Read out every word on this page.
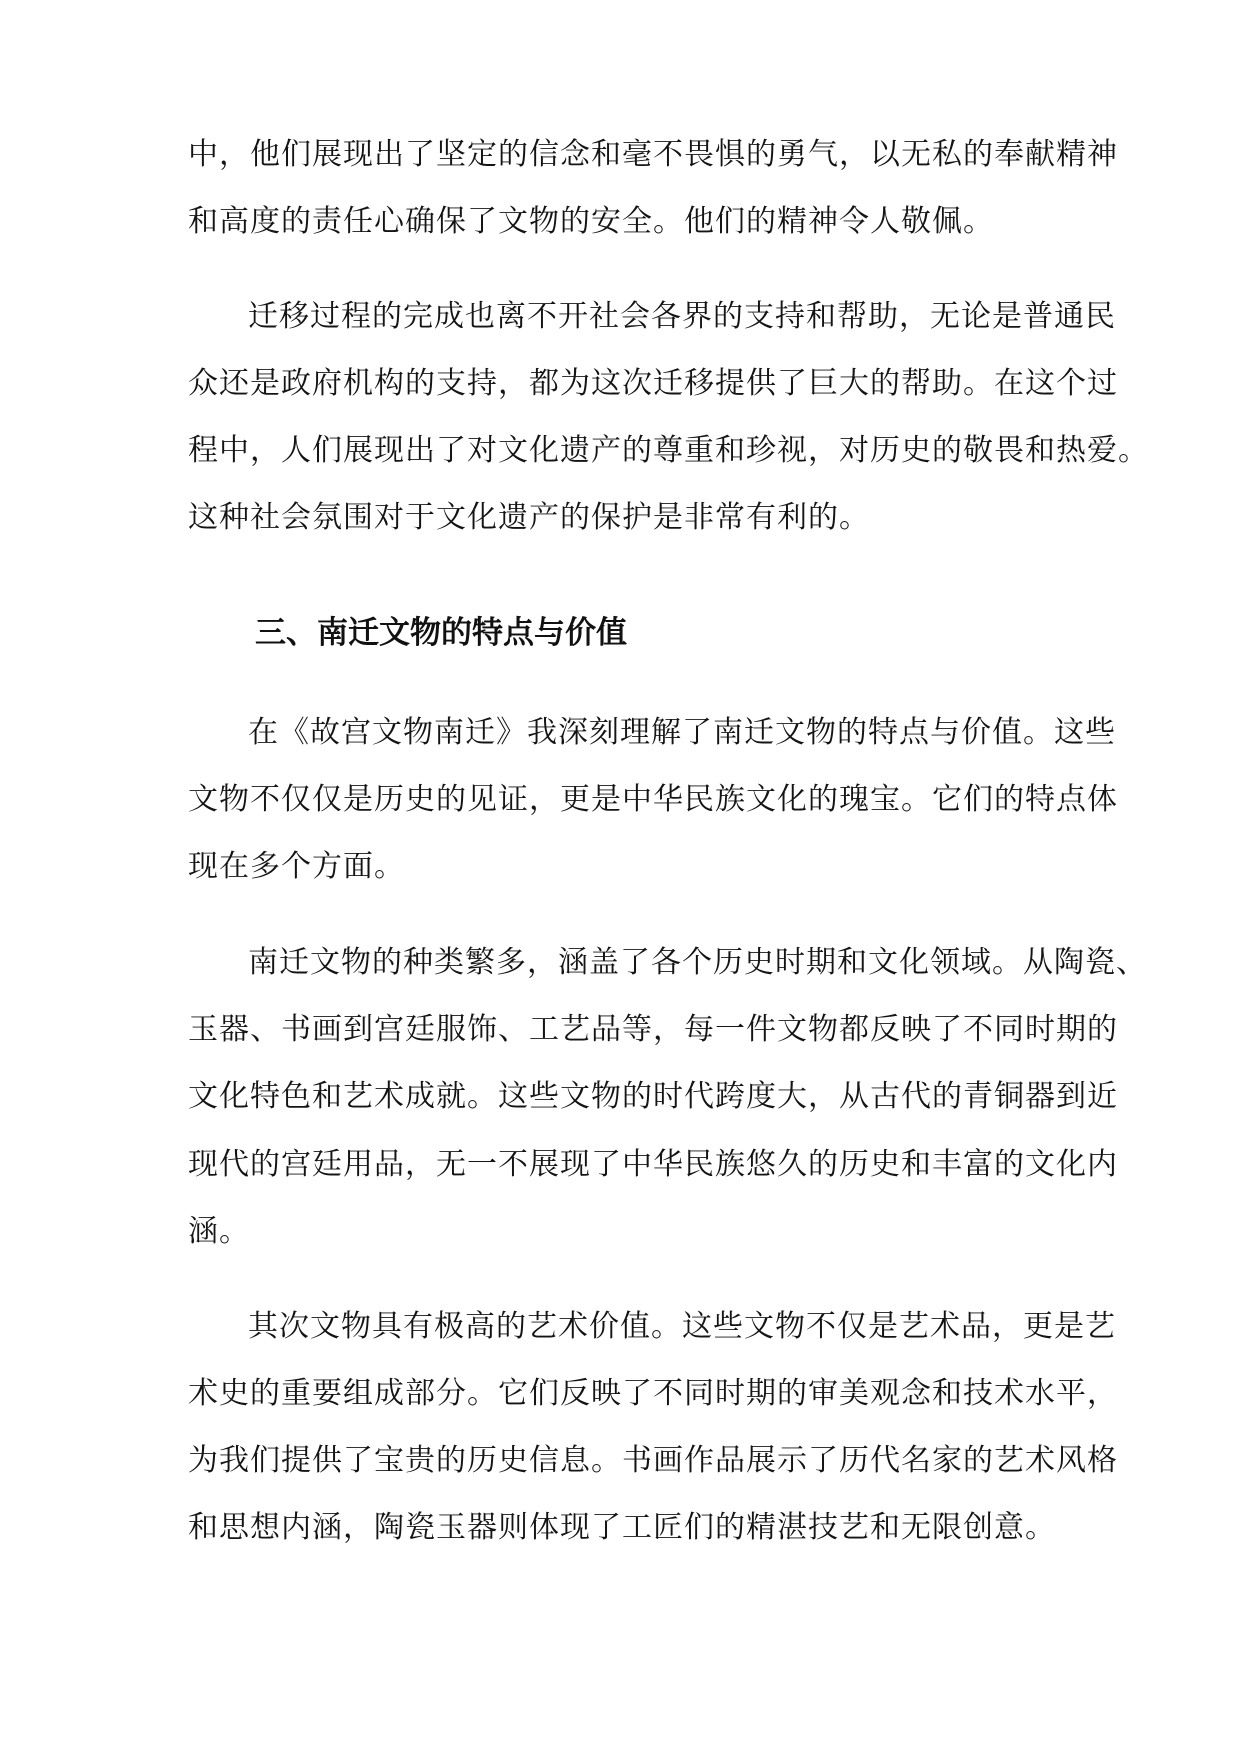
中，他们展现出了坚定的信念和毫不畏惧的勇气，以无私的奉献精神

和高度的责任心确保了文物的安全。他们的精神令人敬佩。

迁移过程的完成也离不开社会各界的支持和帮助，无论是普通民

众还是政府机构的支持，都为这次迁移提供了巨大的帮助。在这个过

程中，人们展现出了对文化遗产的尊重和珍视，对历史的敬畏和热爱。

这种社会氛围对于文化遗产的保护是非常有利的。

三、南迁文物的特点与价值

在《故宫文物南迁》我深刻理解了南迁文物的特点与价值。这些

文物不仅仅是历史的见证，更是中华民族文化的瑰宝。它们的特点体

现在多个方面。

南迁文物的种类繁多，涵盖了各个历史时期和文化领域。从陶瓷、

玉器、书画到宫廷服饰、工艺品等，每一件文物都反映了不同时期的

文化特色和艺术成就。这些文物的时代跨度大，从古代的青铜器到近

现代的宫廷用品，无一不展现了中华民族悠久的历史和丰富的文化内

涵。

其次文物具有极高的艺术价值。这些文物不仅是艺术品，更是艺

术史的重要组成部分。它们反映了不同时期的审美观念和技术水平，

为我们提供了宝贵的历史信息。书画作品展示了历代名家的艺术风格

和思想内涵，陶瓷玉器则体现了工匠们的精湛技艺和无限创意。
